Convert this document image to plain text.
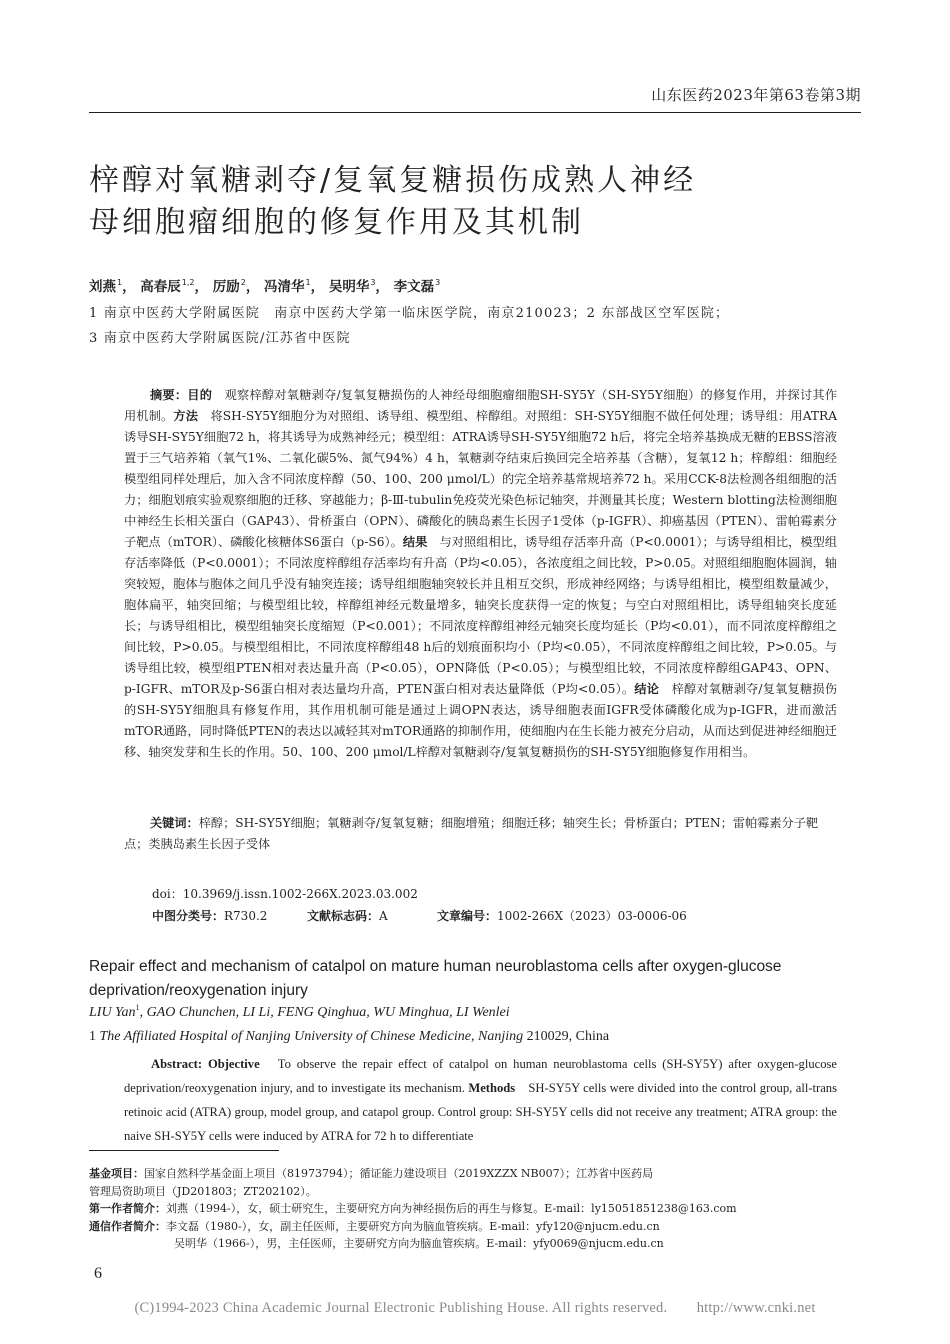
山东医药2023年第63卷第3期
梓醇对氧糖剥夺/复氧复糖损伤成熟人神经
母细胞瘤细胞的修复作用及其机制
刘燕$^1$， 高春辰$^{1,2}$， 厉励$^2$， 冯清华$^1$， 吴明华$^3$， 李文磊$^3$
1 南京中医药大学附属医院　南京中医药大学第一临床医学院，南京210023；2 东部战区空军医院；
3 南京中医药大学附属医院/江苏省中医院

摘要：目的　观察梓醇对氧糖剥夺/复氧复糖损伤的人神经母细胞瘤细胞SH-SY5Y（SH-SY5Y细胞）的修复作用，并探讨其作用机制。方法　将SH-SY5Y细胞分为对照组、诱导组、模型组、梓醇组。对照组：SH-SY5Y细胞不做任何处理；诱导组：用ATRA诱导SH-SY5Y细胞72 h，将其诱导为成熟神经元；模型组：ATRA诱导SH-SY5Y细胞72 h后，将完全培养基换成无糖的EBSS溶液置于三气培养箱（氧气1%、二氧化碳5%、氮气94%）4 h，氧糖剥夺结束后换回完全培养基（含糖），复氧12 h；梓醇组：细胞经模型组同样处理后，加入含不同浓度梓醇（50、100、200 μmol/L）的完全培养基常规培养72 h。采用CCK-8法检测各组细胞的活力；细胞划痕实验观察细胞的迁移、穿越能力；β-Ⅲ-tubulin免疫荧光染色标记轴突，并测量其长度；Western blotting法检测细胞中神经生长相关蛋白（GAP43）、骨桥蛋白（OPN）、磷酸化的胰岛素生长因子1受体（p-IGFR）、抑癌基因（PTEN）、雷帕霉素分子靶点（mTOR）、磷酸化核糖体S6蛋白（p-S6）。结果　与对照组相比，诱导组存活率升高（P<0.0001）；与诱导组相比，模型组存活率降低（P<0.0001）；不同浓度梓醇组存活率均有升高（P均<0.05），各浓度组之间比较，P>0.05。对照组细胞胞体圆润，轴突较短，胞体与胞体之间几乎没有轴突连接；诱导组细胞轴突较长并且相互交织，形成神经网络；与诱导组相比，模型组数量减少，胞体扁平，轴突回缩；与模型组比较，梓醇组神经元数量增多，轴突长度获得一定的恢复；与空白对照组相比，诱导组轴突长度延长；与诱导组相比，模型组轴突长度缩短（P<0.001）；不同浓度梓醇组神经元轴突长度均延长（P均<0.01），而不同浓度梓醇组之间比较，P>0.05。与模型组相比，不同浓度梓醇组48 h后的划痕面积均小（P均<0.05），不同浓度梓醇组之间比较，P>0.05。与诱导组比较，模型组PTEN相对表达量升高（P<0.05），OPN降低（P<0.05）；与模型组比较，不同浓度梓醇组GAP43、OPN、p-IGFR、mTOR及p-S6蛋白相对表达量均升高，PTEN蛋白相对表达量降低（P均<0.05）。结论　梓醇对氧糖剥夺/复氧复糖损伤的SH-SY5Y细胞具有修复作用，其作用机制可能是通过上调OPN表达，诱导细胞表面IGFR受体磷酸化成为p-IGFR，进而激活mTOR通路，同时降低PTEN的表达以减轻其对mTOR通路的抑制作用，使细胞内在生长能力被充分启动，从而达到促进神经细胞迁移、轴突发芽和生长的作用。50、100、200 μmol/L梓醇对氧糖剥夺/复氧复糖损伤的SH-SY5Y细胞修复作用相当。

关键词：梓醇；SH-SY5Y细胞；氧糖剥夺/复氧复糖；细胞增殖；细胞迁移；轴突生长；骨桥蛋白；PTEN；雷帕霉素分子靶点；类胰岛素生长因子受体
doi：10.3969/j.issn.1002-266X.2023.03.002
中图分类号：R730.2	文献标志码：A	文章编号：1002-266X（2023）03-0006-06
Repair effect and mechanism of catalpol on mature human neuroblastoma cells after oxygen-glucose deprivation/reoxygenation injury
LIU Yan$^1$, GAO Chunchen, LI Li, FENG Qinghua, WU Minghua, LI Wenlei
1 The Affiliated Hospital of Nanjing University of Chinese Medicine, Nanjing 210029, China

Abstract: Objective　To observe the repair effect of catalpol on human neuroblastoma cells (SH-SY5Y) after oxygen-glucose deprivation/reoxygenation injury, and to investigate its mechanism. Methods　SH-SY5Y cells were divided into the control group, all-trans retinoic acid (ATRA) group, model group, and catapol group. Control group: SH-SY5Y cells did not receive any treatment; ATRA group: the naive SH-SY5Y cells were induced by ATRA for 72 h to differentiate

基金项目：国家自然科学基金面上项目（81973794）；循证能力建设项目（2019XZZX NB007）；江苏省中医药局
管理局资助项目（JD201803；ZT202102）。
第一作者简介：刘燕（1994-），女，硕士研究生，主要研究方向为神经损伤后的再生与修复。E-mail：ly15051851238@163.com
通信作者简介：李文磊（1980-），女，副主任医师，主要研究方向为脑血管疾病。E-mail：yfy120@njucm.edu.cn
吴明华（1966-），男，主任医师，主要研究方向为脑血管疾病。E-mail：yfy0069@njucm.edu.cn
6
(C)1994-2023 China Academic Journal Electronic Publishing House. All rights reserved.　　http://www.cnki.net
